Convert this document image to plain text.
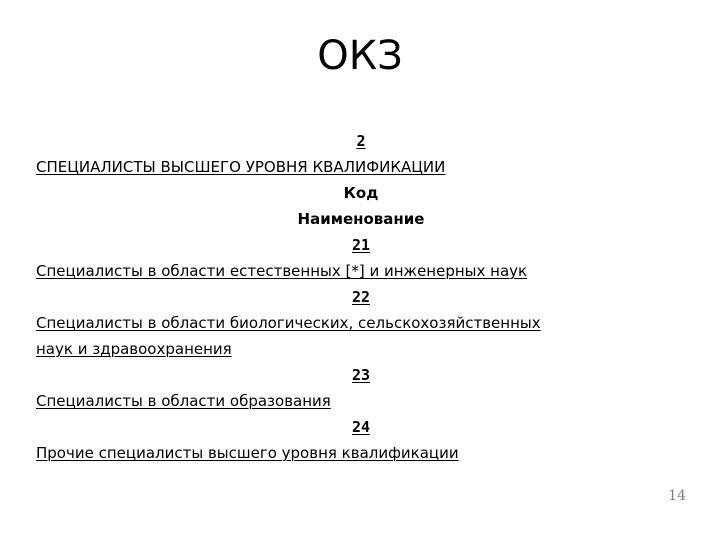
ОКЗ
2
СПЕЦИАЛИСТЫ ВЫСШЕГО УРОВНЯ КВАЛИФИКАЦИИ
Код
Наименование
21
Специалисты в области естественных [*] и инженерных наук
22
Специалисты в области биологических, сельскохозяйственных
наук и здравоохранения
23
Специалисты в области образования
24
Прочие специалисты высшего уровня квалификации
14
